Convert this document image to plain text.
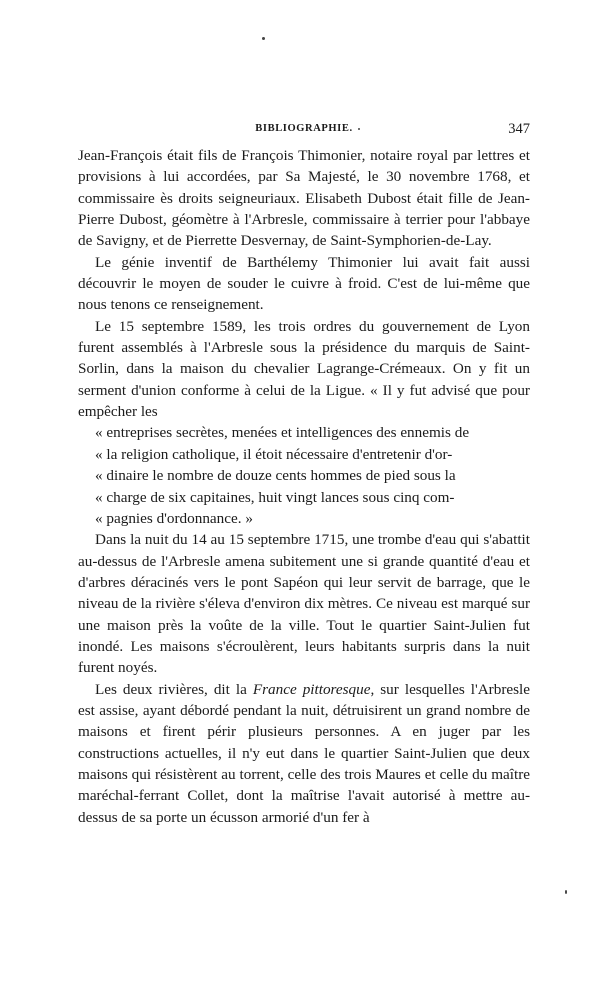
BIBLIOGRAPHIE.	347

Jean-François était fils de François Thimonier, notaire royal par lettres et provisions à lui accordées, par Sa Majesté, le 30 novembre 1768, et commissaire ès droits seigneuriaux. Elisabeth Dubost était fille de Jean-Pierre Dubost, géomètre à l'Arbresle, commissaire à terrier pour l'abbaye de Savigny, et de Pierrette Desvernay, de Saint-Symphorien-de-Lay.

Le génie inventif de Barthélemy Thimonier lui avait fait aussi découvrir le moyen de souder le cuivre à froid. C'est de lui-même que nous tenons ce renseignement.

Le 15 septembre 1589, les trois ordres du gouvernement de Lyon furent assemblés à l'Arbresle sous la présidence du marquis de Saint-Sorlin, dans la maison du chevalier Lagrange-Crémeaux. On y fit un serment d'union conforme à celui de la Ligue. « Il y fut advisé que pour empêcher les
« entreprises secrètes, menées et intelligences des ennemis de
« la religion catholique, il étoit nécessaire d'entretenir d'or-
« dinaire le nombre de douze cents hommes de pied sous la
« charge de six capitaines, huit vingt lances sous cinq com-
« pagnies d'ordonnance. »

Dans la nuit du 14 au 15 septembre 1715, une trombe d'eau qui s'abattit au-dessus de l'Arbresle amena subitement une si grande quantité d'eau et d'arbres déracinés vers le pont Sapéon qui leur servit de barrage, que le niveau de la rivière s'éleva d'environ dix mètres. Ce niveau est marqué sur une maison près la voûte de la ville. Tout le quartier Saint-Julien fut inondé. Les maisons s'écroulèrent, leurs habitants surpris dans la nuit furent noyés.

Les deux rivières, dit la France pittoresque, sur lesquelles l'Arbresle est assise, ayant débordé pendant la nuit, détruisirent un grand nombre de maisons et firent périr plusieurs personnes. A en juger par les constructions actuelles, il n'y eut dans le quartier Saint-Julien que deux maisons qui résistèrent au torrent, celle des trois Maures et celle du maître maréchal-ferrant Collet, dont la maîtrise l'avait autorisé à mettre au-dessus de sa porte un écusson armorié d'un fer à
